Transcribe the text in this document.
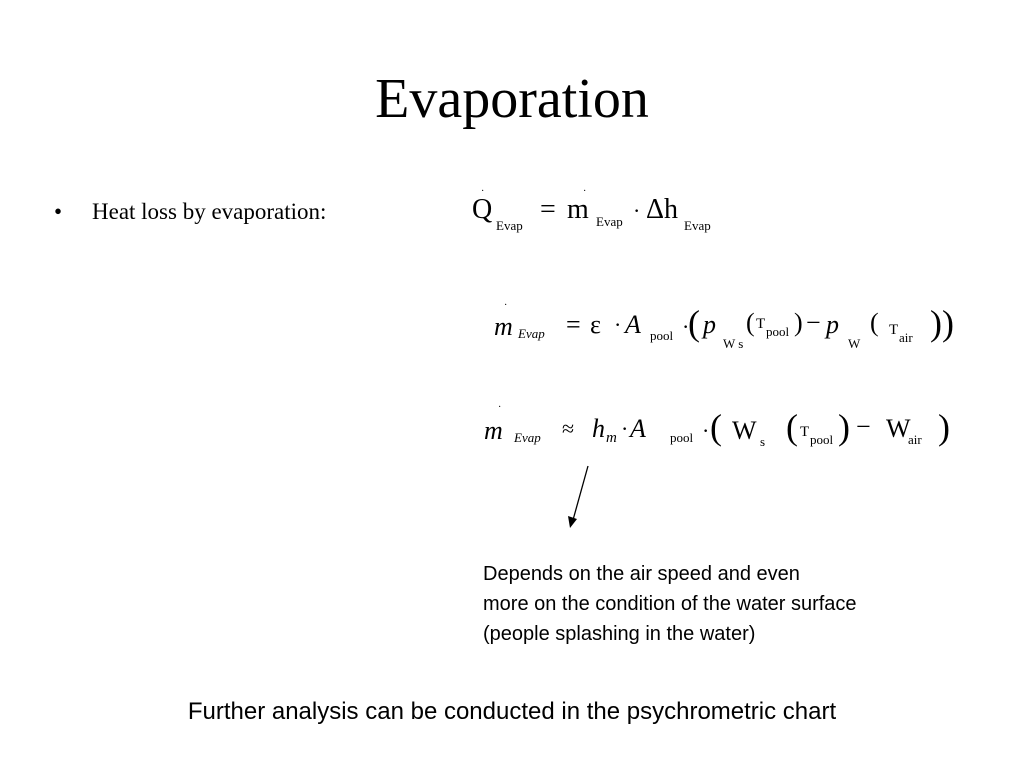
Evaporation
•	Heat loss by evaporation:
·
Q
Evap
=
·
m Evap · Δh
Evap
·
m Evap = ε · A pool ·
( p
W s
( T pool ) − p
W
( T air ))
·
m Evap ≈ h m · A pool · ( W s ( T pool ) − W
air )
Depends on the air speed and even
more on the condition of the water surface
(people splashing in the water)
Further analysis can be conducted in the psychrometric chart
